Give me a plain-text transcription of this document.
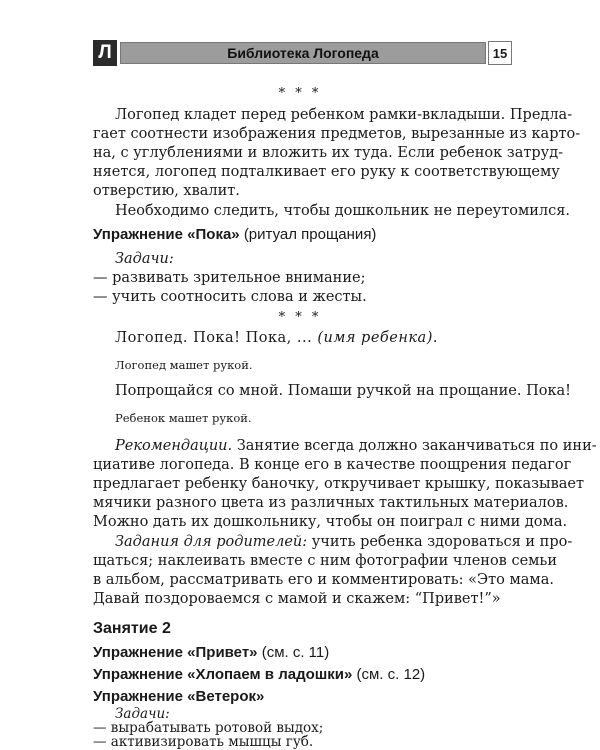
Л	Библиотека Логопеда	15
* * *
Логопед кладет перед ребенком рамки-вкладыши. Предла-
гает соотнести изображения предметов, вырезанные из карто-
на, с углублениями и вложить их туда. Если ребенок затруд-
няется, логопед подталкивает его руку к соответствующему
отверстию, хвалит.
Необходимо следить, чтобы дошкольник не переутомился.
Упражнение «Пока» (ритуал прощания)
Задачи:
— развивать зрительное внимание;
— учить соотносить слова и жесты.
* * *
Логопед. Пока! Пока, ... (имя ребенка).
Логопед машет рукой.
Попрощайся со мной. Помаши ручкой на прощание. Пока!
Ребенок машет рукой.
Рекомендации. Занятие всегда должно заканчиваться по ини-
циативе логопеда. В конце его в качестве поощрения педагог
предлагает ребенку баночку, откручивает крышку, показывает
мячики разного цвета из различных тактильных материалов.
Можно дать их дошкольнику, чтобы он поиграл с ними дома.
Задания для родителей: учить ребенка здороваться и про-
щаться; наклеивать вместе с ним фотографии членов семьи
в альбом, рассматривать его и комментировать: «Это мама.
Давай поздороваемся с мамой и скажем: “Привет!”»
Занятие 2
Упражнение «Привет» (см. с. 11)
Упражнение «Хлопаем в ладошки» (см. с. 12)
Упражнение «Ветерок»
Задачи:
— вырабатывать ротовой выдох;
— активизировать мышцы губ.
